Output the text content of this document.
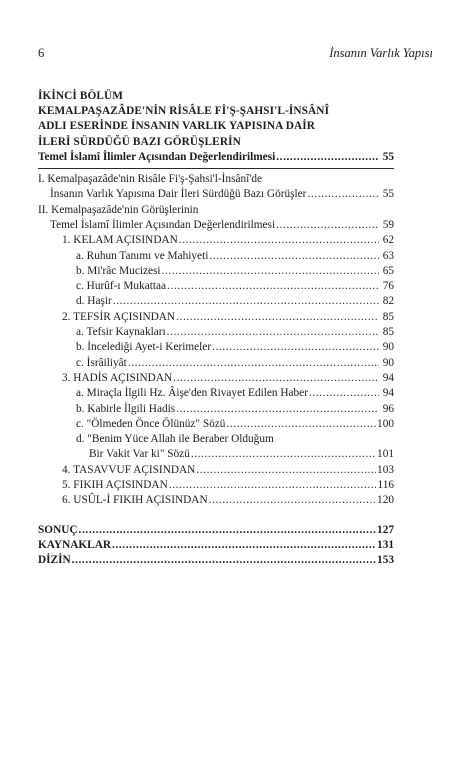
6	İnsanın Varlık Yapısı
İKİNCİ BÖLÜM
KEMALPAŞAZÂDE'NİN RİSÂLE Fİ'Ş-ŞAHSI'L-İNSÂNÎ
ADLI ESERİNDE İNSANIN VARLIK YAPISINA DAİR
İLERİ SÜRDÜĞÜ BAZI GÖRÜŞLERİN
Temel İslamî İlimler Açısından Değerlendirilmesi .....	55
I. Kemalpaşazâde'nin Risâle Fi'ş-Şahsi'l-İnsânî'de
İnsanın Varlık Yapısına Dair İleri Sürdüğü Bazı Görüşler .....	55
II. Kemalpaşazâde'nin Görüşlerinin
Temel İslamî İlimler Açısından Değerlendirilmesi .....	59
1. KELAM AÇISINDAN .....	62
a. Ruhun Tanımı ve Mahiyeti .....	63
b. Mi'râc Mucizesi .....	65
c. Hurûf-ı Mukattaa .....	76
d. Haşir .....	82
2. TEFSİR AÇISINDAN .....	85
a. Tefsir Kaynakları .....	85
b. İncelediği Ayet-i Kerimeler .....	90
c. İsrâiliyât .....	90
3. HADİS AÇISINDAN .....	94
a. Miraçla İlgili Hz. Âişe'den Rivayet Edilen Haber .....	94
b. Kabirle İlgili Hadis .....	96
c. "Ölmeden Önce Ölünüz" Sözü .....	100
d. "Benim Yüce Allah ile Beraber Olduğum
Bir Vakit Var ki" Sözü .....	101
4. TASAVVUF AÇISINDAN .....	103
5. FIKIH AÇISINDAN .....	116
6. USÛL-İ FIKIH AÇISINDAN .....	120
SONUÇ .....	127
KAYNAKLAR .....	131
DİZİN .....	153
